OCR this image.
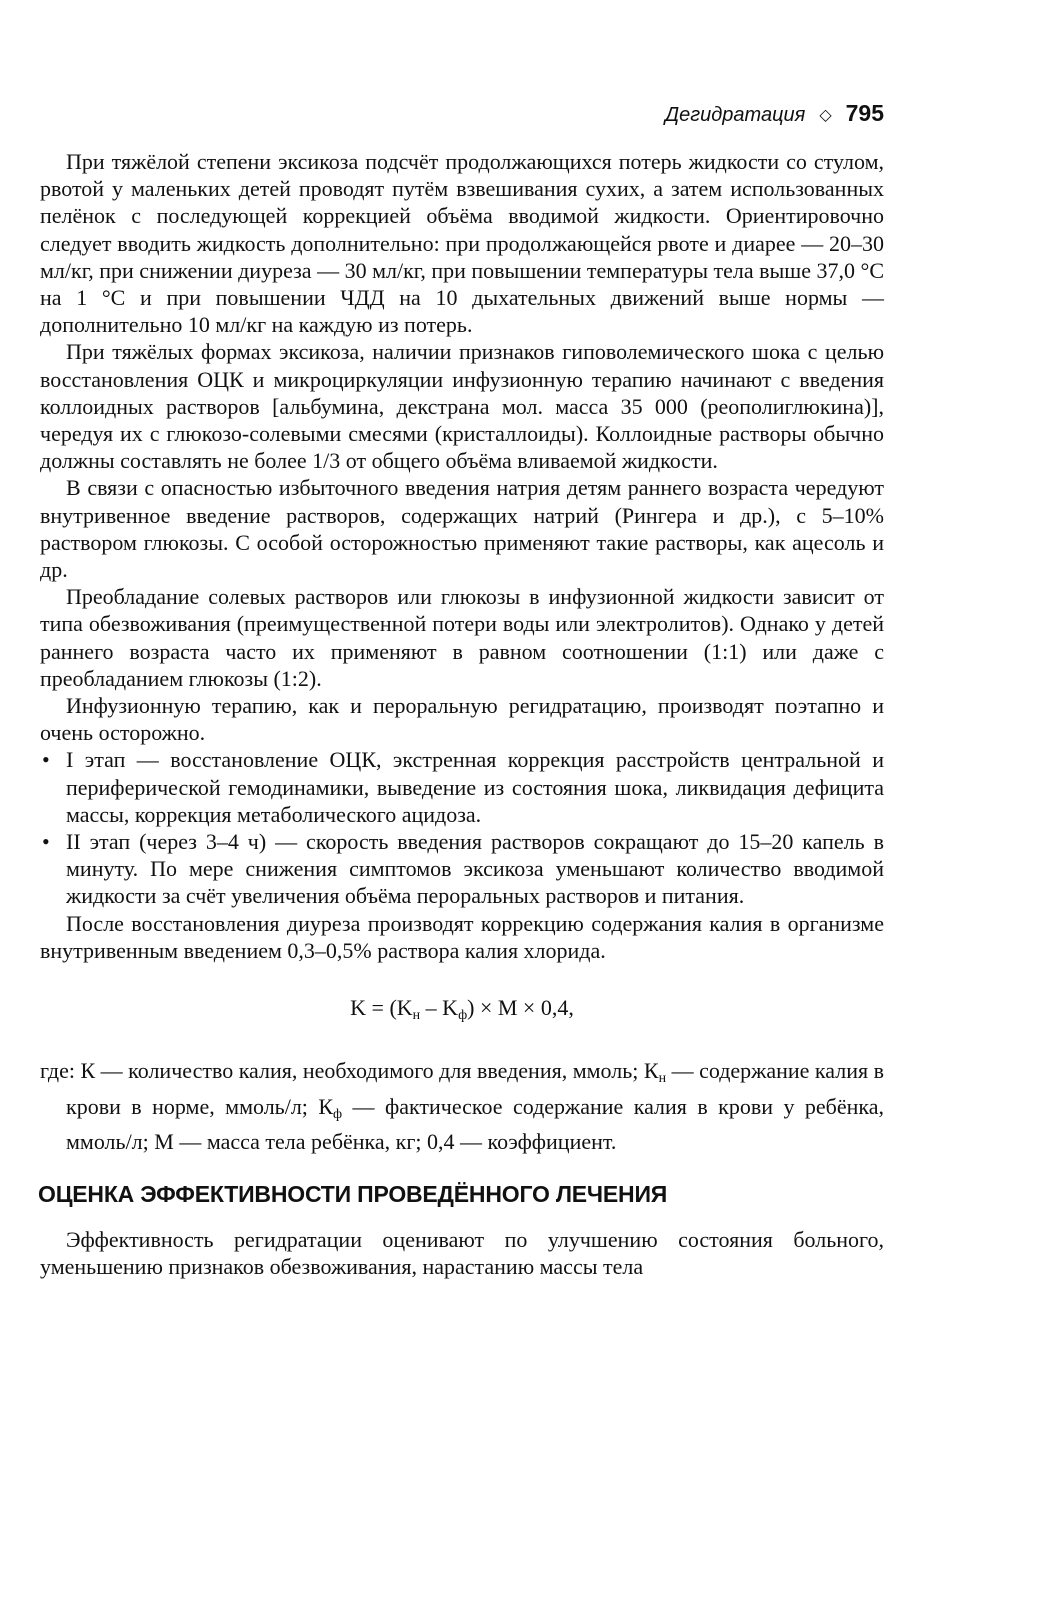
Дегидратация ◇ 795

При тяжёлой степени эксикоза подсчёт продолжающихся потерь жидкости со стулом, рвотой у маленьких детей проводят путём взвешивания сухих, а затем использованных пелёнок с последующей коррекцией объёма вводимой жидкости. Ориентировочно следует вводить жидкость дополнительно: при продолжающейся рвоте и диарее — 20–30 мл/кг, при снижении диуреза — 30 мл/кг, при повышении температуры тела выше 37,0 °С на 1 °С и при повышении ЧДД на 10 дыхательных движений выше нормы — дополнительно 10 мл/кг на каждую из потерь.

При тяжёлых формах эксикоза, наличии признаков гиповолемического шока с целью восстановления ОЦК и микроциркуляции инфузионную терапию начинают с введения коллоидных растворов [альбумина, декстрана мол. масса 35 000 (реополиглюкина)], чередуя их с глюкозо-солевыми смесями (кристаллоиды). Коллоидные растворы обычно должны составлять не более 1/3 от общего объёма вливаемой жидкости.

В связи с опасностью избыточного введения натрия детям раннего возраста чередуют внутривенное введение растворов, содержащих натрий (Рингера и др.), с 5–10% раствором глюкозы. С особой осторожностью применяют такие растворы, как ацесоль и др.

Преобладание солевых растворов или глюкозы в инфузионной жидкости зависит от типа обезвоживания (преимущественной потери воды или электролитов). Однако у детей раннего возраста часто их применяют в равном соотношении (1:1) или даже с преобладанием глюкозы (1:2).

Инфузионную терапию, как и пероральную регидратацию, производят поэтапно и очень осторожно.

• I этап — восстановление ОЦК, экстренная коррекция расстройств центральной и периферической гемодинамики, выведение из состояния шока, ликвидация дефицита массы, коррекция метаболического ацидоза.
• II этап (через 3–4 ч) — скорость введения растворов сокращают до 15–20 капель в минуту. По мере снижения симптомов эксикоза уменьшают количество вводимой жидкости за счёт увеличения объёма пероральных растворов и питания.

После восстановления диуреза производят коррекцию содержания калия в организме внутривенным введением 0,3–0,5% раствора калия хлорида.

$K = (K_н - K_ф) \times M \times 0,4$,

где: К — количество калия, необходимого для введения, ммоль; $К_н$ — содержание калия в крови в норме, ммоль/л; $К_ф$ — фактическое содержание калия в крови у ребёнка, ммоль/л; М — масса тела ребёнка, кг; 0,4 — коэффициент.

ОЦЕНКА ЭФФЕКТИВНОСТИ ПРОВЕДЁННОГО ЛЕЧЕНИЯ

Эффективность регидратации оценивают по улучшению состояния больного, уменьшению признаков обезвоживания, нарастанию массы тела
